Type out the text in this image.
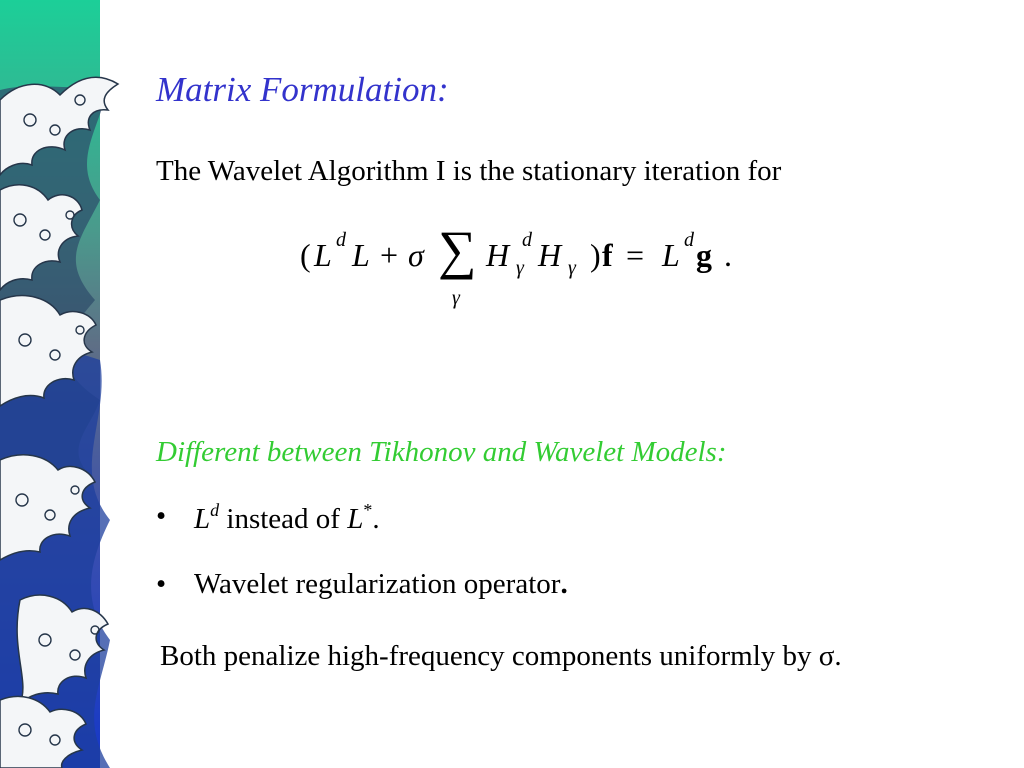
Matrix Formulation:
The Wavelet Algorithm I is the stationary iteration for
( L d L + σ ∑
γ
H d
γ H γ ) f = L d g .
Different between Tikhonov and Wavelet Models:
• $L^d$ instead of L*.
• Wavelet regularization operator.
Both penalize high-frequency components uniformly by σ.
